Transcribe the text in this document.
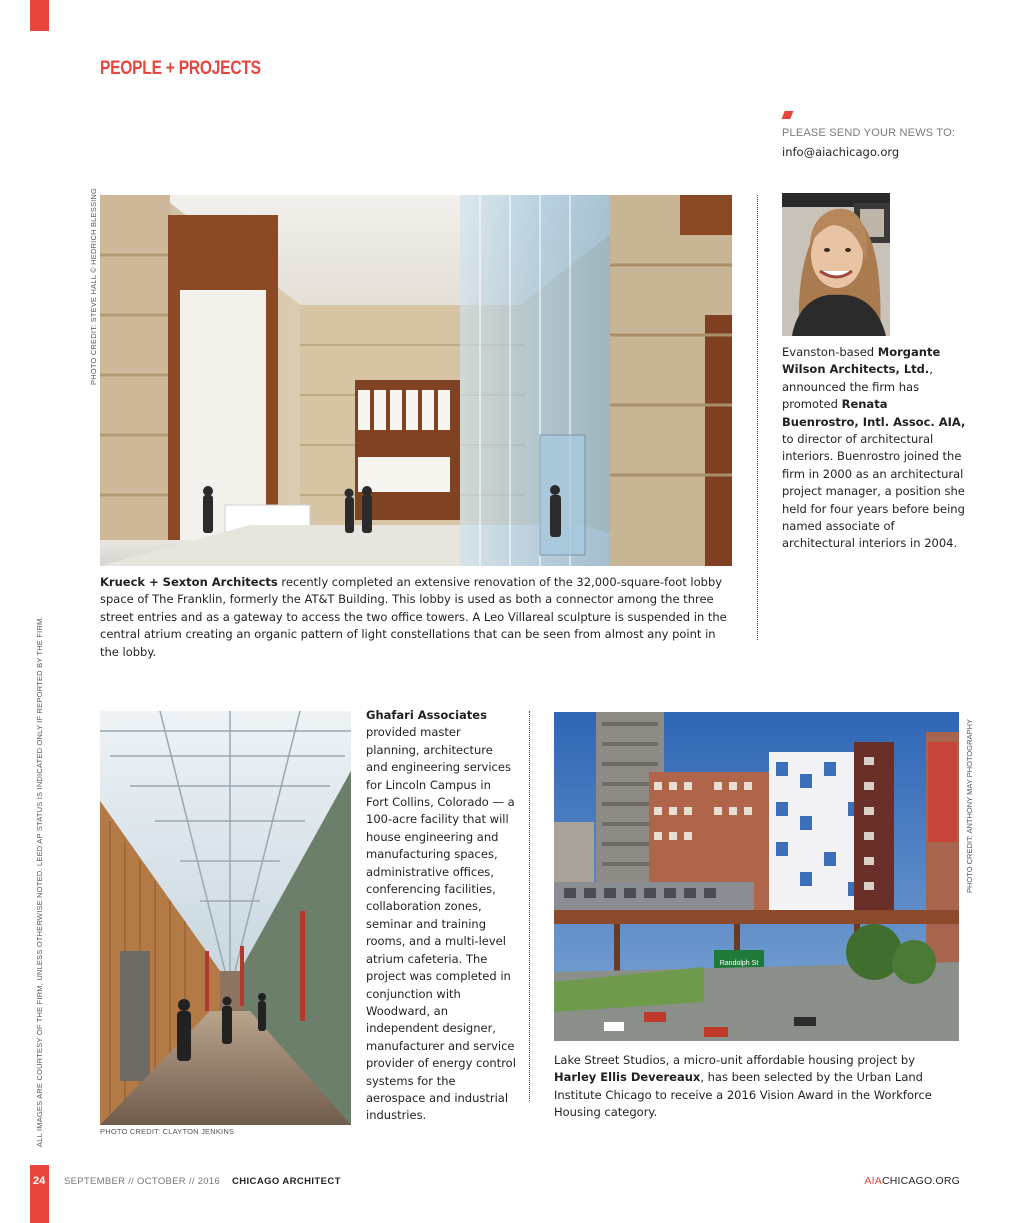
PEOPLE + PROJECTS
////////
PLEASE SEND YOUR NEWS TO:
info@aiachicago.org
ALL IMAGES ARE COURTESY OF THE FIRM, UNLESS OTHERWISE NOTED. LEED AP STATUS IS INDICATED ONLY IF REPORTED BY THE FIRM.
PHOTO CREDIT: STEVE HALL © HEDRICH BLESSING
Krueck + Sexton Architects recently completed an extensive renovation of the 32,000-square-foot lobby space of The Franklin, formerly the AT&T Building. This lobby is used as both a connector among the three street entries and as a gateway to access the two office towers. A Leo Villareal sculpture is suspended in the central atrium creating an organic pattern of light constellations that can be seen from almost any point in the lobby.
Evanston-based Morgante Wilson Architects, Ltd., announced the firm has promoted Renata Buenrostro, Intl. Assoc. AIA, to director of architectural interiors. Buenrostro joined the firm in 2000 as an architectural project manager, a position she held for four years before being named associate of architectural interiors in 2004.
PHOTO CREDIT: CLAYTON JENKINS
Ghafari Associates
provided master planning, architecture and engineering services for Lincoln Campus in Fort Collins, Colorado — a 100-acre facility that will house engineering and manufacturing spaces, administrative offices, conferencing facilities, collaboration zones, seminar and training rooms, and a multi-level atrium cafeteria. The project was completed in conjunction with Woodward, an independent designer, manufacturer and service provider of energy control systems for the aerospace and industrial industries.
Randolph St
PHOTO CREDIT: ANTHONY MAY PHOTOGRAPHY
Lake Street Studios, a micro-unit affordable housing project by Harley Ellis Devereaux, has been selected by the Urban Land Institute Chicago to receive a 2016 Vision Award in the Workforce Housing category.
24 SEPTEMBER // OCTOBER // 2016 CHICAGO ARCHITECT	AIACHICAGO.ORG
